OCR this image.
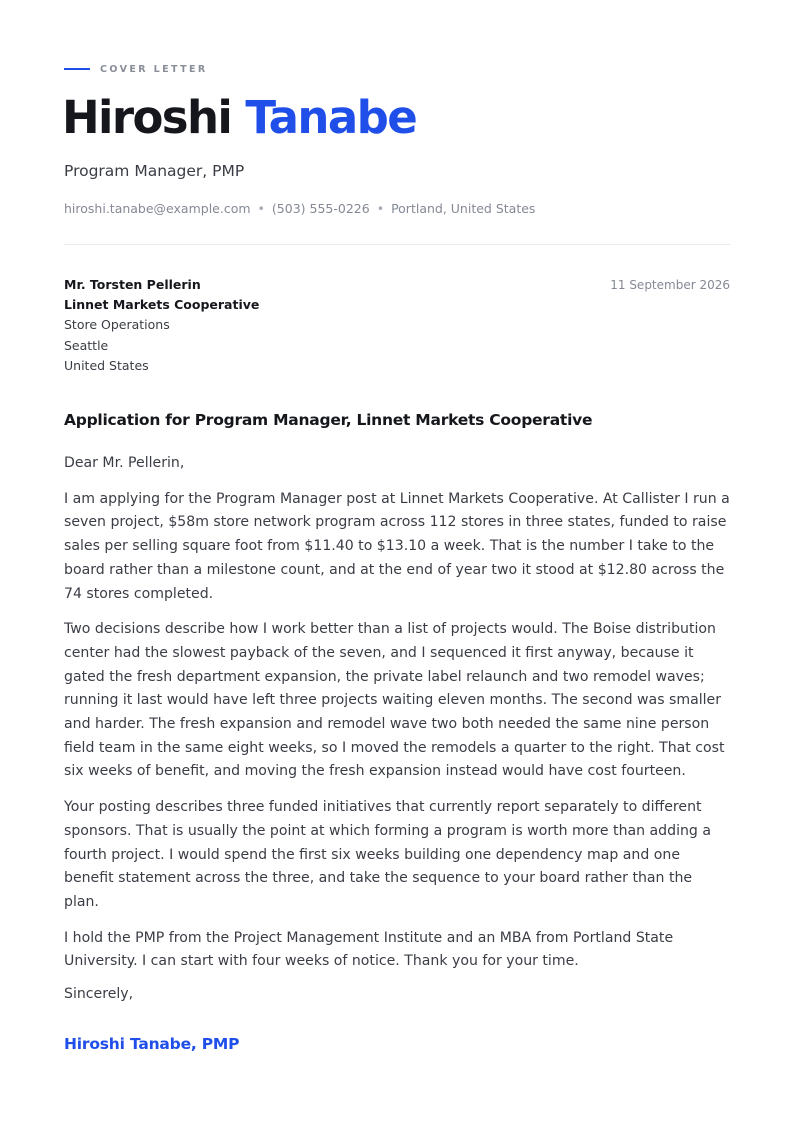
COVER LETTER
Hiroshi Tanabe
Program Manager, PMP
hiroshi.tanabe@example.com • (503) 555-0226 • Portland, United States
Mr. Torsten Pellerin
Linnet Markets Cooperative
Store Operations
Seattle
United States
11 September 2026
Application for Program Manager, Linnet Markets Cooperative

Dear Mr. Pellerin,

I am applying for the Program Manager post at Linnet Markets Cooperative. At Callister I run a seven project, $58m store network program across 112 stores in three states, funded to raise sales per selling square foot from $11.40 to $13.10 a week. That is the number I take to the board rather than a milestone count, and at the end of year two it stood at $12.80 across the 74 stores completed.

Two decisions describe how I work better than a list of projects would. The Boise distribution center had the slowest payback of the seven, and I sequenced it first anyway, because it gated the fresh department expansion, the private label relaunch and two remodel waves; running it last would have left three projects waiting eleven months. The second was smaller and harder. The fresh expansion and remodel wave two both needed the same nine person field team in the same eight weeks, so I moved the remodels a quarter to the right. That cost six weeks of benefit, and moving the fresh expansion instead would have cost fourteen.

Your posting describes three funded initiatives that currently report separately to different sponsors. That is usually the point at which forming a program is worth more than adding a fourth project. I would spend the first six weeks building one dependency map and one benefit statement across the three, and take the sequence to your board rather than the plan.

I hold the PMP from the Project Management Institute and an MBA from Portland State University. I can start with four weeks of notice. Thank you for your time.

Sincerely,
Hiroshi Tanabe, PMP
